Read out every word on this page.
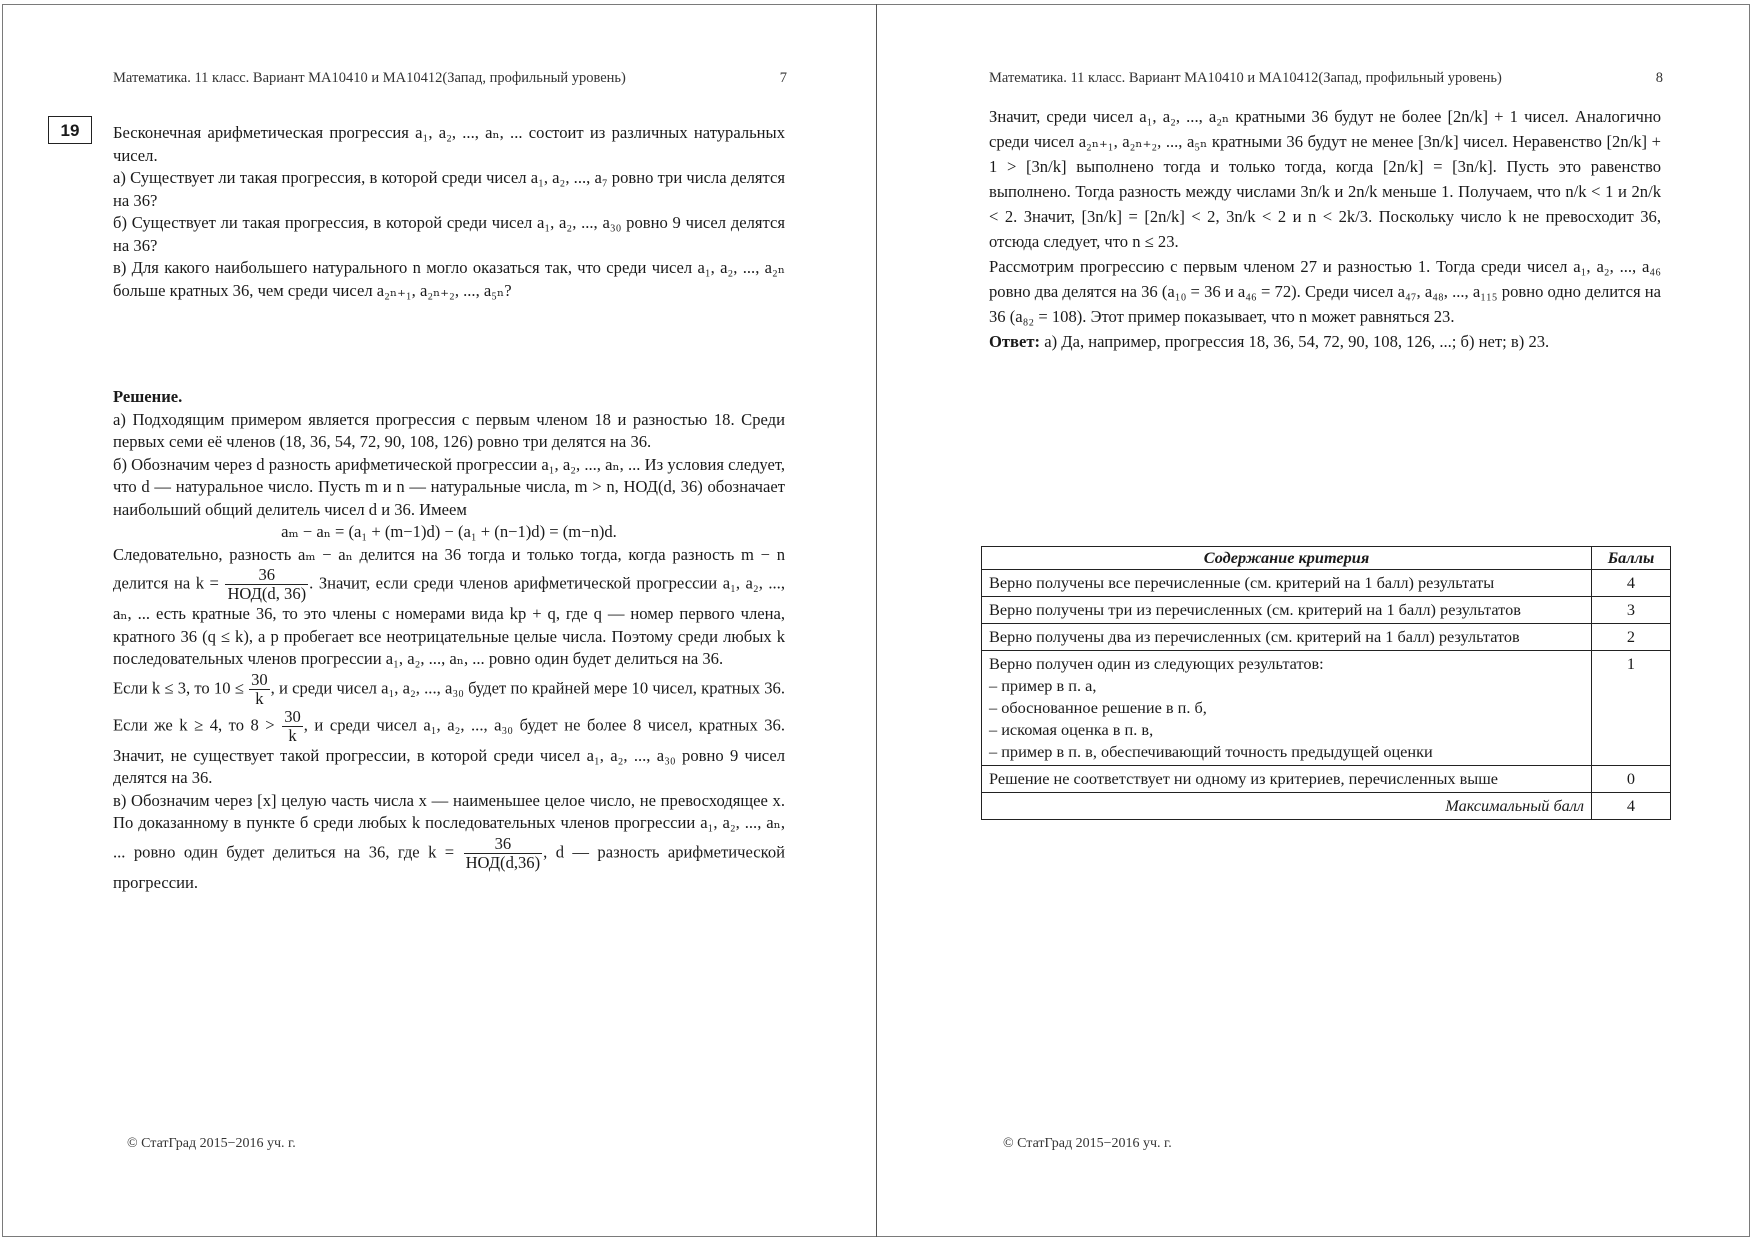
Математика. 11 класс. Вариант МА10410 и МА10412(Запад, профильный уровень)	7

Бесконечная арифметическая прогрессия a₁, a₂, ..., aₙ, ... состоит из различных натуральных чисел.

а) Существует ли такая прогрессия, в которой среди чисел a₁, a₂, ..., a₇ ровно три числа делятся на 36?

б) Существует ли такая прогрессия, в которой среди чисел a₁, a₂, ..., a₃₀ ровно 9 чисел делятся на 36?

в) Для какого наибольшего натурального n могло оказаться так, что среди чисел a₁, a₂, ..., a₂ₙ больше кратных 36, чем среди чисел a₂ₙ₊₁, a₂ₙ₊₂, ..., a₅ₙ?

Решение.

а) Подходящим примером является прогрессия с первым членом 18 и разностью 18. Среди первых семи её членов (18, 36, 54, 72, 90, 108, 126) ровно три делятся на 36.

б) Обозначим через d разность арифметической прогрессии a₁, a₂, ..., aₙ, ... Из условия следует, что d — натуральное число. Пусть m и n — натуральные числа, m > n, НОД(d, 36) обозначает наибольший общий делитель чисел d и 36. Имеем

aₘ − aₙ = (a₁ + (m−1)d) − (a₁ + (n−1)d) = (m−n)d.

Следовательно, разность aₘ − aₙ делится на 36 тогда и только тогда, когда разность m − n делится на $k = \frac{36}{\text{НОД(d, 36)}}$ . Значит, если среди членов арифметической прогрессии a₁, a₂, ..., aₙ, ... есть кратные 36, то это члены с номерами вида kp + q, где q — номер первого члена, кратного 36 (q ≤ k), а p пробегает все неотрицательные целые числа. Поэтому среди любых k последовательных членов прогрессии a₁, a₂, ..., aₙ, ... ровно один будет делиться на 36.

Если k ≤ 3, то $10 \le \frac{30}{k}$ , и среди чисел a₁, a₂, ..., a₃₀ будет по крайней мере 10 чисел, кратных 36. Если же k ≥ 4, то $8 > \frac{30}{k}$ , и среди чисел a₁, a₂, ..., a₃₀ будет не более 8 чисел, кратных 36. Значит, не существует такой прогрессии, в которой среди чисел a₁, a₂, ..., a₃₀ ровно 9 чисел делятся на 36.

в) Обозначим через [x] целую часть числа x — наименьшее целое число, не превосходящее x. По доказанному в пункте б среди любых k последовательных членов прогрессии a₁, a₂, ..., aₙ, ... ровно один будет делиться на 36, где $k = \frac{36}{\text{НОД(d,36)}}$ , d — разность арифметической прогрессии.

© СтатГрад 2015−2016 уч. г.
19
Математика. 11 класс. Вариант МА10410 и МА10412(Запад, профильный уровень)	8

Значит, среди чисел a₁, a₂, ..., a₂ₙ кратными 36 будут не более [2n/k] + 1 чисел. Аналогично среди чисел a₂ₙ₊₁, a₂ₙ₊₂, ..., a₅ₙ кратными 36 будут не менее [3n/k] чисел. Неравенство [2n/k] + 1 > [3n/k] выполнено тогда и только тогда, когда [2n/k] = [3n/k]. Пусть это равенство выполнено. Тогда разность между числами 3n/k и 2n/k меньше 1. Получаем, что n/k < 1 и 2n/k < 2. Значит, [3n/k] = [2n/k] < 2, 3n/k < 2 и n < 2k/3. Поскольку число k не превосходит 36, отсюда следует, что n ≤ 23.

Рассмотрим прогрессию с первым членом 27 и разностью 1. Тогда среди чисел a₁, a₂, ..., a₄₆ ровно два делятся на 36 (a₁₀ = 36 и a₄₆ = 72). Среди чисел a₄₇, a₄₈, ..., a₁₁₅ ровно одно делится на 36 (a₈₂ = 108). Этот пример показывает, что n может равняться 23.

Ответ: а) Да, например, прогрессия 18, 36, 54, 72, 90, 108, 126, ...; б) нет; в) 23.

© СтатГрад 2015−2016 уч. г.
Содержание критерия	Баллы
Верно получены все перечисленные (см. критерий на 1 балл) результаты	4
Верно получены три из перечисленных (см. критерий на 1 балл) результатов	3
Верно получены два из перечисленных (см. критерий на 1 балл) результатов	2

Верно получен один из следующих результатов:
– пример в п. а,
– обоснованное решение в п. б,
– искомая оценка в п. в,
– пример в п. в, обеспечивающий точность предыдущей оценки	1
Решение не соответствует ни одному из критериев, перечисленных выше	0
Максимальный балл	4
